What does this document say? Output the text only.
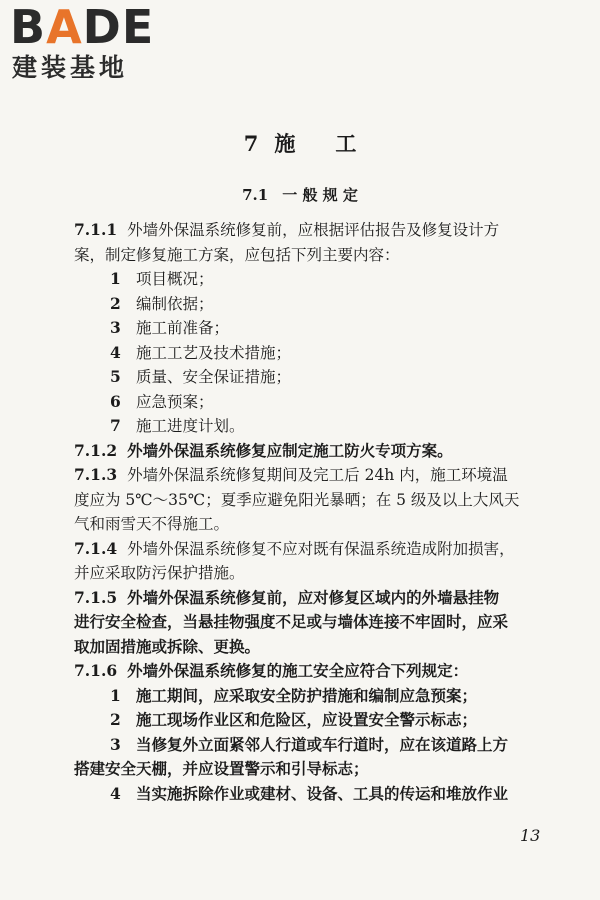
BADE
建装基地
7 施 工
7.1 一 般 规 定
7.1.1 外墙外保温系统修复前，应根据评估报告及修复设计方
案，制定修复施工方案，应包括下列主要内容：
1 项目概况；
2 编制依据；
3 施工前准备；
4 施工工艺及技术措施；
5 质量、安全保证措施；
6 应急预案；
7 施工进度计划。
7.1.2 外墙外保温系统修复应制定施工防火专项方案。
7.1.3 外墙外保温系统修复期间及完工后 24h 内，施工环境温
度应为 5℃～35℃；夏季应避免阳光暴晒；在 5 级及以上大风天
气和雨雪天不得施工。
7.1.4 外墙外保温系统修复不应对既有保温系统造成附加损害，
并应采取防污保护措施。
7.1.5 外墙外保温系统修复前，应对修复区域内的外墙悬挂物
进行安全检查，当悬挂物强度不足或与墙体连接不牢固时，应采
取加固措施或拆除、更换。
7.1.6 外墙外保温系统修复的施工安全应符合下列规定：
1 施工期间，应采取安全防护措施和编制应急预案；
2 施工现场作业区和危险区，应设置安全警示标志；
3 当修复外立面紧邻人行道或车行道时，应在该道路上方
搭建安全天棚，并应设置警示和引导标志；
4 当实施拆除作业或建材、设备、工具的传运和堆放作业
13
